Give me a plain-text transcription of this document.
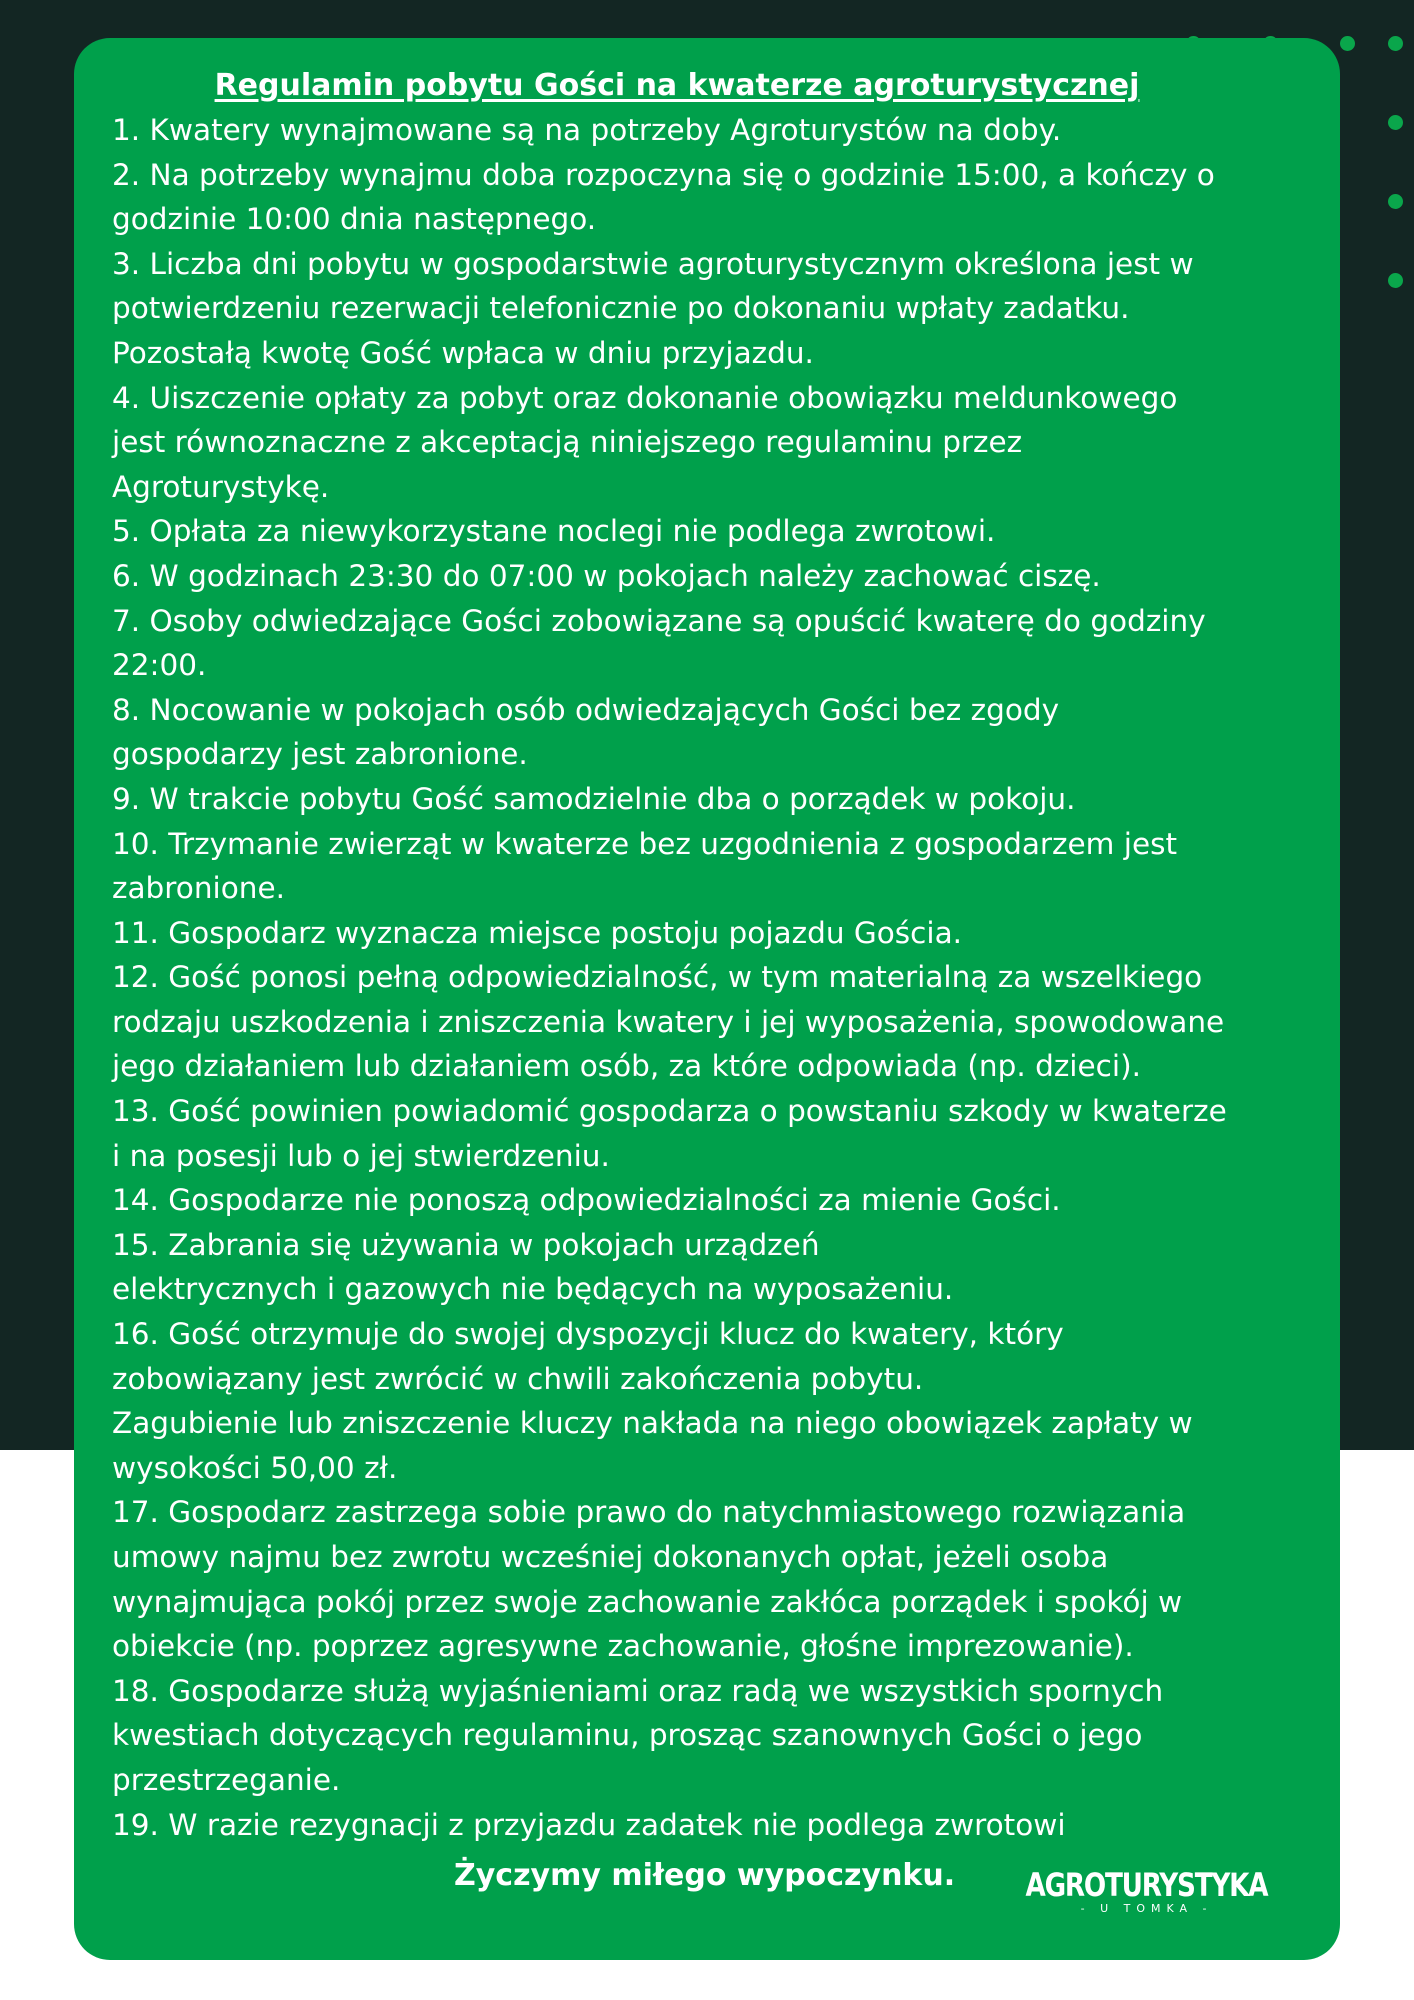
Regulamin pobytu Gości na kwaterze agroturystycznej
1. Kwatery wynajmowane są na potrzeby Agroturystów na doby.
2. Na potrzeby wynajmu doba rozpoczyna się o godzinie 15:00, a kończy o
godzinie 10:00 dnia następnego.
3. Liczba dni pobytu w gospodarstwie agroturystycznym określona jest w
potwierdzeniu rezerwacji telefonicznie po dokonaniu wpłaty zadatku.
Pozostałą kwotę Gość wpłaca w dniu przyjazdu.
4. Uiszczenie opłaty za pobyt oraz dokonanie obowiązku meldunkowego
jest równoznaczne z akceptacją niniejszego regulaminu przez
Agroturystykę.
5. Opłata za niewykorzystane noclegi nie podlega zwrotowi.
6. W godzinach 23:30 do 07:00 w pokojach należy zachować ciszę.
7. Osoby odwiedzające Gości zobowiązane są opuścić kwaterę do godziny
22:00.
8. Nocowanie w pokojach osób odwiedzających Gości bez zgody
gospodarzy jest zabronione.
9. W trakcie pobytu Gość samodzielnie dba o porządek w pokoju.
10. Trzymanie zwierząt w kwaterze bez uzgodnienia z gospodarzem jest
zabronione.
11. Gospodarz wyznacza miejsce postoju pojazdu Gościa.
12. Gość ponosi pełną odpowiedzialność, w tym materialną za wszelkiego
rodzaju uszkodzenia i zniszczenia kwatery i jej wyposażenia, spowodowane
jego działaniem lub działaniem osób, za które odpowiada (np. dzieci).
13. Gość powinien powiadomić gospodarza o powstaniu szkody w kwaterze
i na posesji lub o jej stwierdzeniu.
14. Gospodarze nie ponoszą odpowiedzialności za mienie Gości.
15. Zabrania się używania w pokojach urządzeń
elektrycznych i gazowych nie będących na wyposażeniu.
16. Gość otrzymuje do swojej dyspozycji klucz do kwatery, który
zobowiązany jest zwrócić w chwili zakończenia pobytu.
Zagubienie lub zniszczenie kluczy nakłada na niego obowiązek zapłaty w
wysokości 50,00 zł.
17. Gospodarz zastrzega sobie prawo do natychmiastowego rozwiązania
umowy najmu bez zwrotu wcześniej dokonanych opłat, jeżeli osoba
wynajmująca pokój przez swoje zachowanie zakłóca porządek i spokój w
obiekcie (np. poprzez agresywne zachowanie, głośne imprezowanie).
18. Gospodarze służą wyjaśnieniami oraz radą we wszystkich spornych
kwestiach dotyczących regulaminu, prosząc szanownych Gości o jego
przestrzeganie.
19. W razie rezygnacji z przyjazdu zadatek nie podlega zwrotowi
Życzymy miłego wypoczynku. AGROTURYSTYKA
- U TOMKA -
